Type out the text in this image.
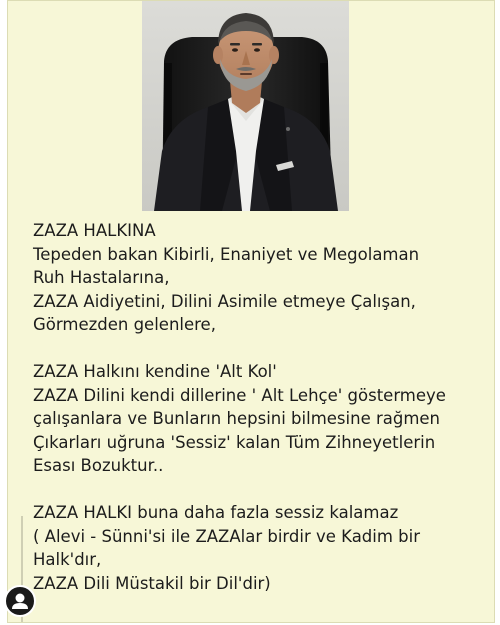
ZAZA HALKINA
Tepeden bakan Kibirli, Enaniyet ve Megolaman
Ruh Hastalarına,
ZAZA Aidiyetini, Dilini Asimile etmeye Çalışan,
Görmezden gelenlere,
ZAZA Halkını kendine 'Alt Kol'
ZAZA Dilini kendi dillerine ' Alt Lehçe' göstermeye
çalışanlara ve Bunların hepsini bilmesine rağmen
Çıkarları uğruna 'Sessiz' kalan Tüm Zihneyetlerin
Esası Bozuktur..
ZAZA HALKI buna daha fazla sessiz kalamaz
( Alevi - Sünni'si ile ZAZAlar birdir ve Kadim bir
Halk'dır,
ZAZA Dili Müstakil bir Dil'dir)
